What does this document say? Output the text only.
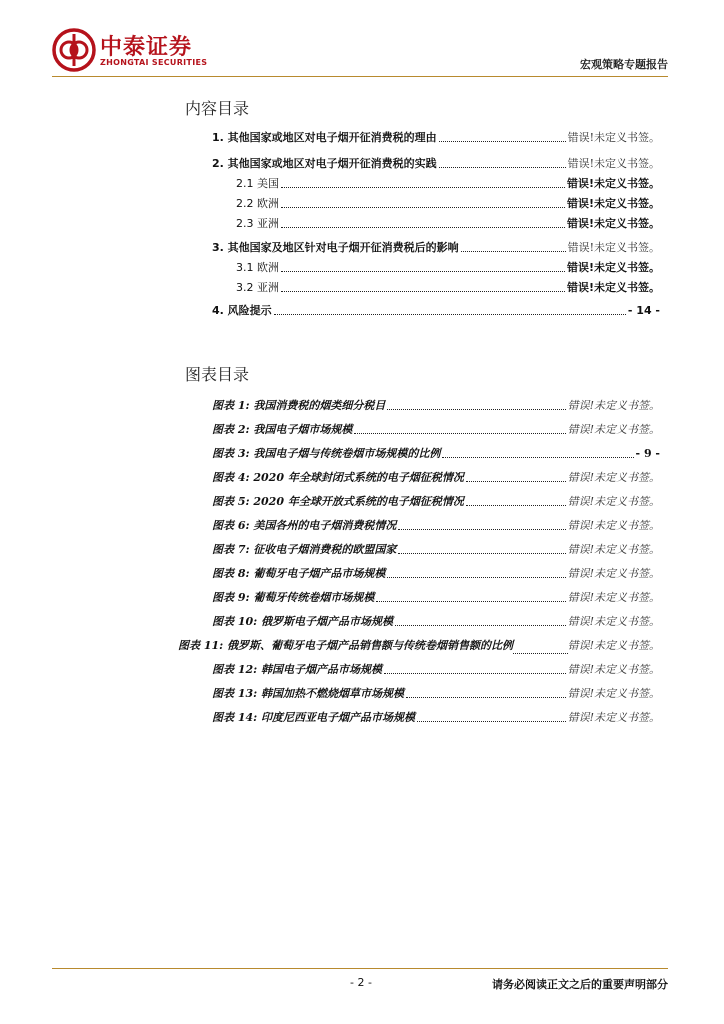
中泰证券
ZHONGTAI SECURITIES	宏观策略专题报告
内容目录
1. 其他国家或地区对电子烟开征消费税的理由	错误!未定义书签。
2. 其他国家或地区对电子烟开征消费税的实践	错误!未定义书签。
2.1 美国	错误!未定义书签。
2.2 欧洲	错误!未定义书签。
2.3 亚洲	错误!未定义书签。
3. 其他国家及地区针对电子烟开征消费税后的影响	错误!未定义书签。
3.1 欧洲	错误!未定义书签。
3.2 亚洲	错误!未定义书签。
4. 风险提示	- 14 -
图表目录
图表 1: 我国消费税的烟类细分税目	错误!未定义书签。
图表 2: 我国电子烟市场规模	错误!未定义书签。
图表 3: 我国电子烟与传统卷烟市场规模的比例	- 9 -
图表 4: 2020 年全球封闭式系统的电子烟征税情况	错误!未定义书签。
图表 5: 2020 年全球开放式系统的电子烟征税情况	错误!未定义书签。
图表 6: 美国各州的电子烟消费税情况	错误!未定义书签。
图表 7: 征收电子烟消费税的欧盟国家	错误!未定义书签。
图表 8: 葡萄牙电子烟产品市场规模	错误!未定义书签。
图表 9: 葡萄牙传统卷烟市场规模	错误!未定义书签。
图表 10: 俄罗斯电子烟产品市场规模	错误!未定义书签。
图表 11: 俄罗斯、葡萄牙电子烟产品销售额与传统卷烟销售额的比例	错误!未定义书签。
图表 12: 韩国电子烟产品市场规模	错误!未定义书签。
图表 13: 韩国加热不燃烧烟草市场规模	错误!未定义书签。
图表 14: 印度尼西亚电子烟产品市场规模	错误!未定义书签。
- 2 -	请务必阅读正文之后的重要声明部分
